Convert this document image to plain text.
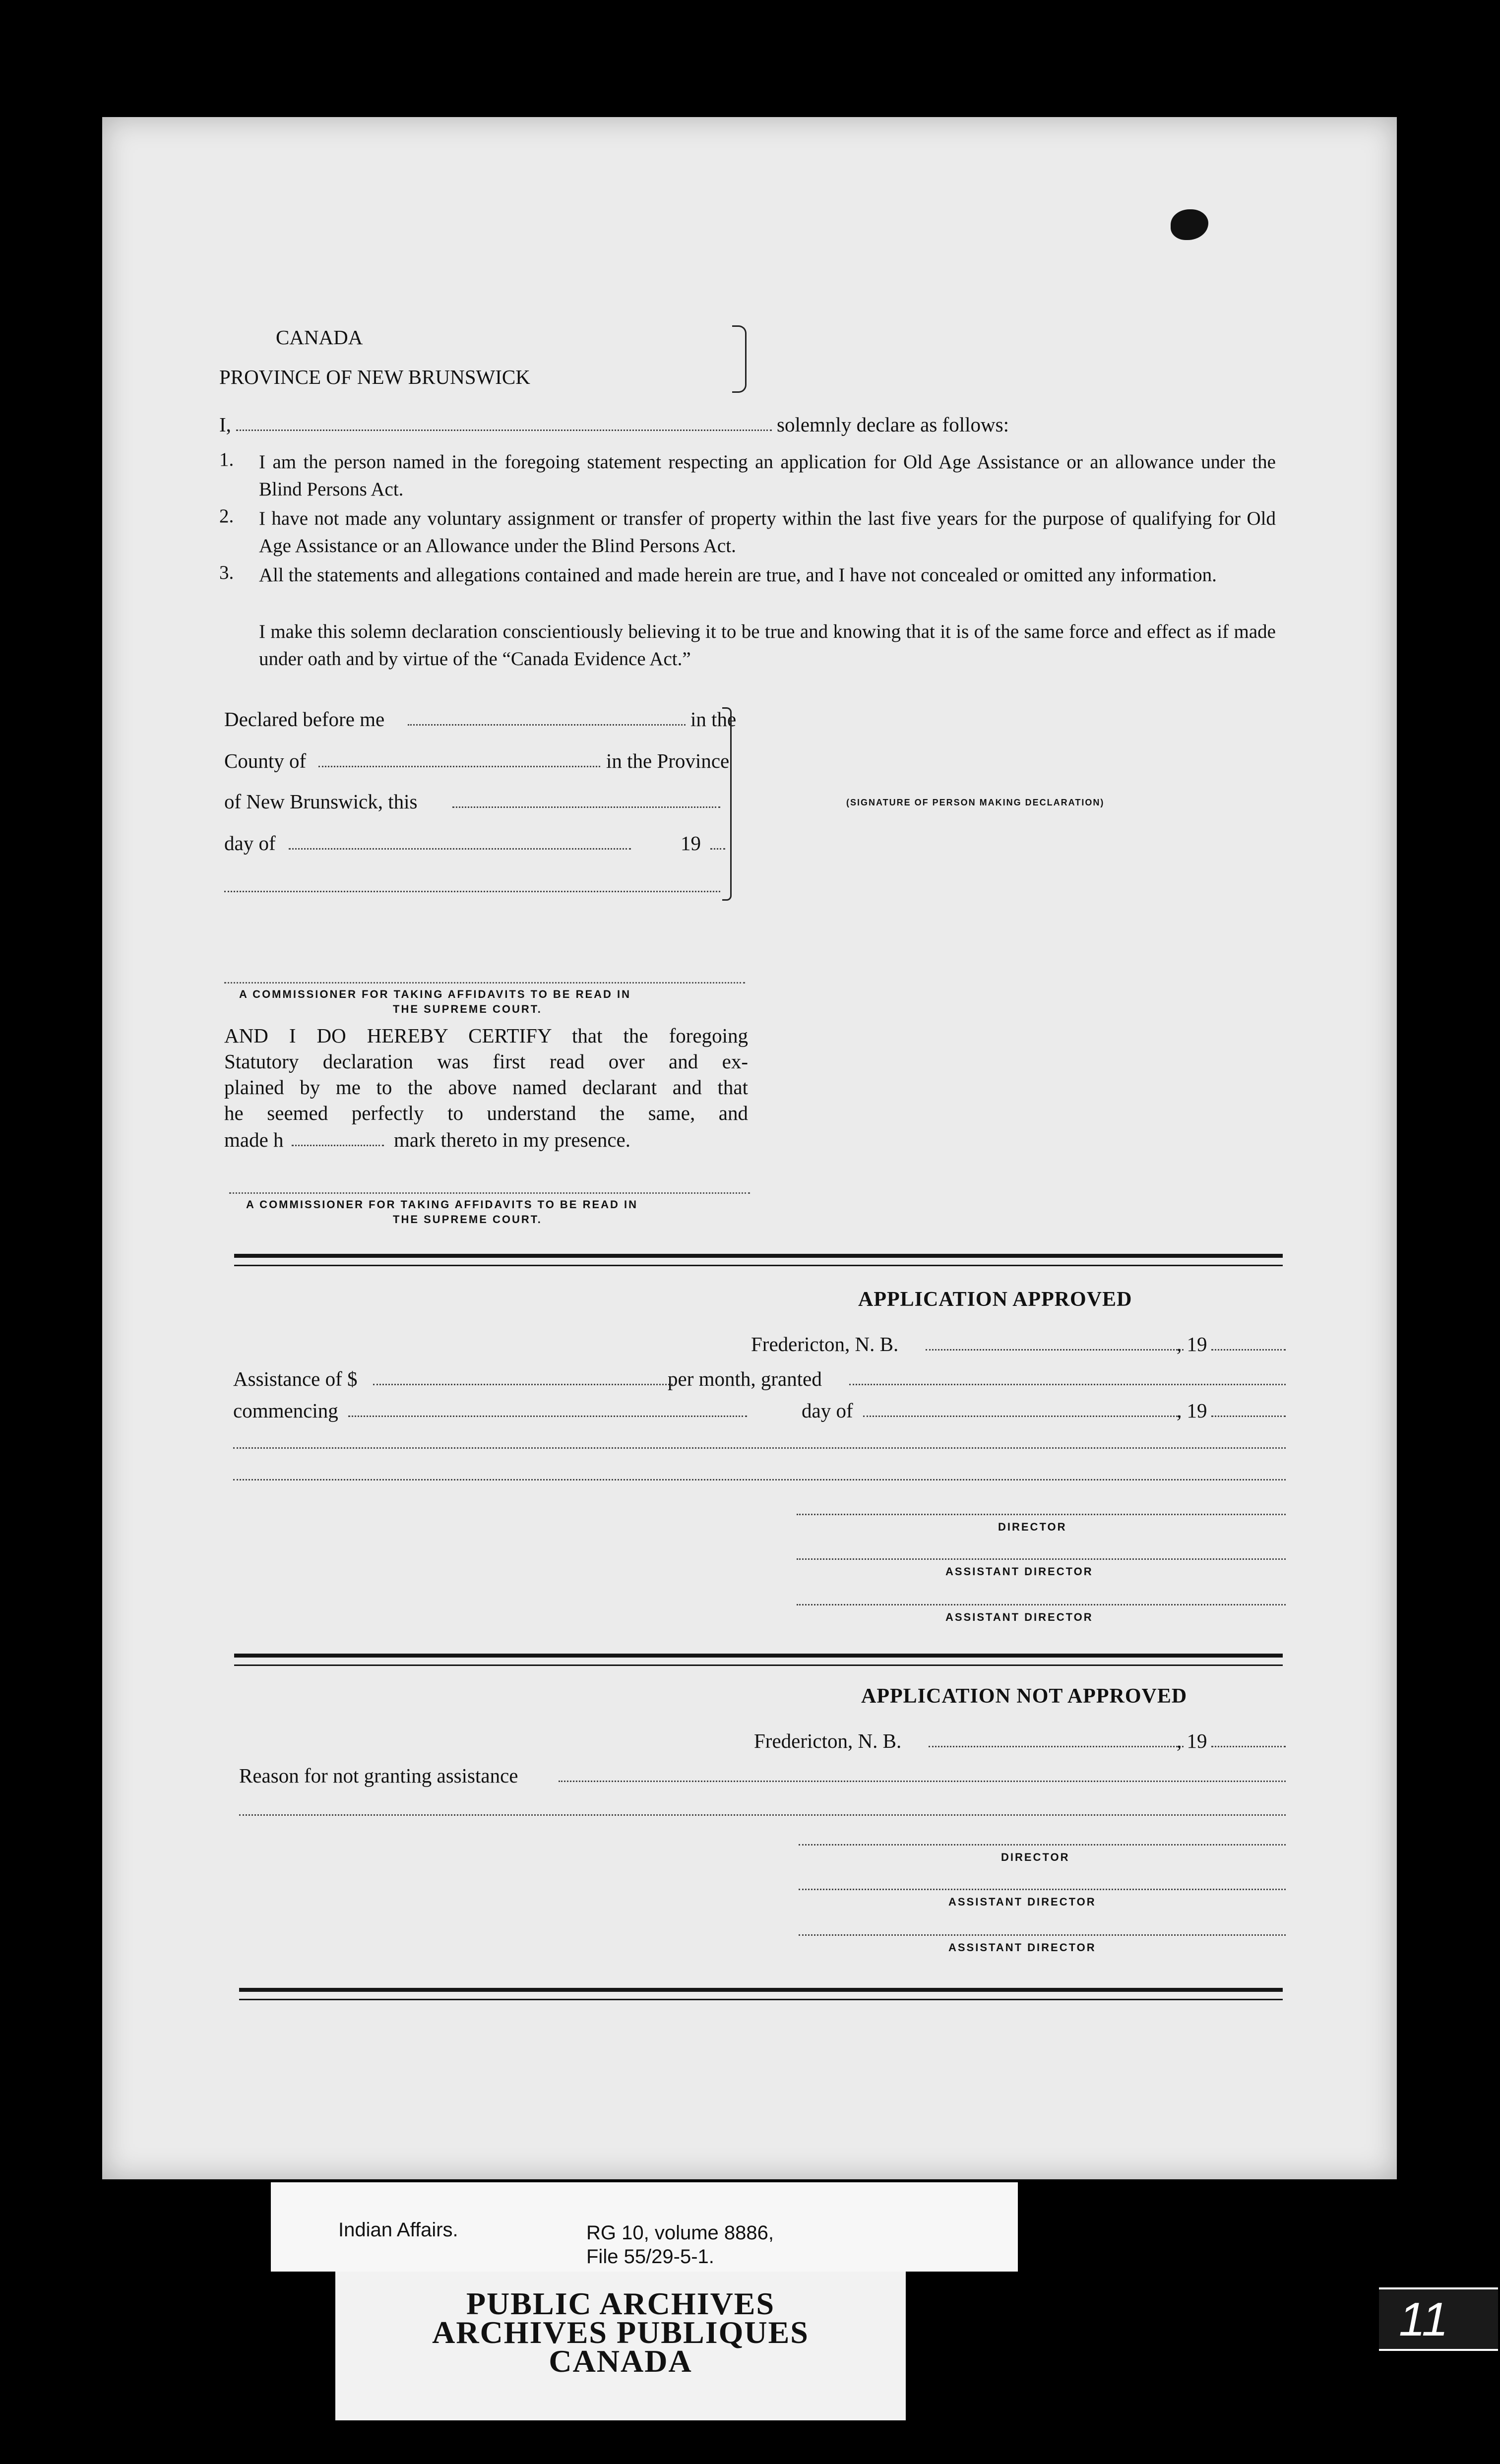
CANADA
PROVINCE OF NEW BRUNSWICK
I,	solemnly declare as follows:
1. I am the person named in the foregoing statement respecting an application for Old Age Assistance or an allowance under the Blind Persons Act.
2. I have not made any voluntary assignment or transfer of property within the last five years for the purpose of qualifying for Old Age Assistance or an Allowance under the Blind Persons Act.
3. All the statements and allegations contained and made herein are true, and I have not concealed or omitted any information.
I make this solemn declaration conscientiously believing it to be true and knowing that it is of the same force and effect as if made under oath and by virtue of the “Canada Evidence Act.”
Declared before me	in the
County of	in the Province
of New Brunswick, this
day of	19
(SIGNATURE OF PERSON MAKING DECLARATION)
A COMMISSIONER FOR TAKING AFFIDAVITS TO BE READ IN
THE SUPREME COURT.
AND I DO HEREBY CERTIFY that the foregoing
Statutory declaration was first read over and ex-
plained by me to the above named declarant and that
he seemed perfectly to understand the same, and
made h	mark thereto in my presence.
A COMMISSIONER FOR TAKING AFFIDAVITS TO BE READ IN
THE SUPREME COURT.
APPLICATION APPROVED
Fredericton, N. B.	, 19
Assistance of $	per month, granted
commencing	day of	, 19
DIRECTOR
ASSISTANT DIRECTOR
ASSISTANT DIRECTOR
APPLICATION NOT APPROVED
Fredericton, N. B.	, 19
Reason for not granting assistance
DIRECTOR
ASSISTANT DIRECTOR
ASSISTANT DIRECTOR
Indian Affairs.	RG 10, volume 8886,
File 55/29-5-1.
PUBLIC ARCHIVES
ARCHIVES PUBLIQUES
CANADA
11
